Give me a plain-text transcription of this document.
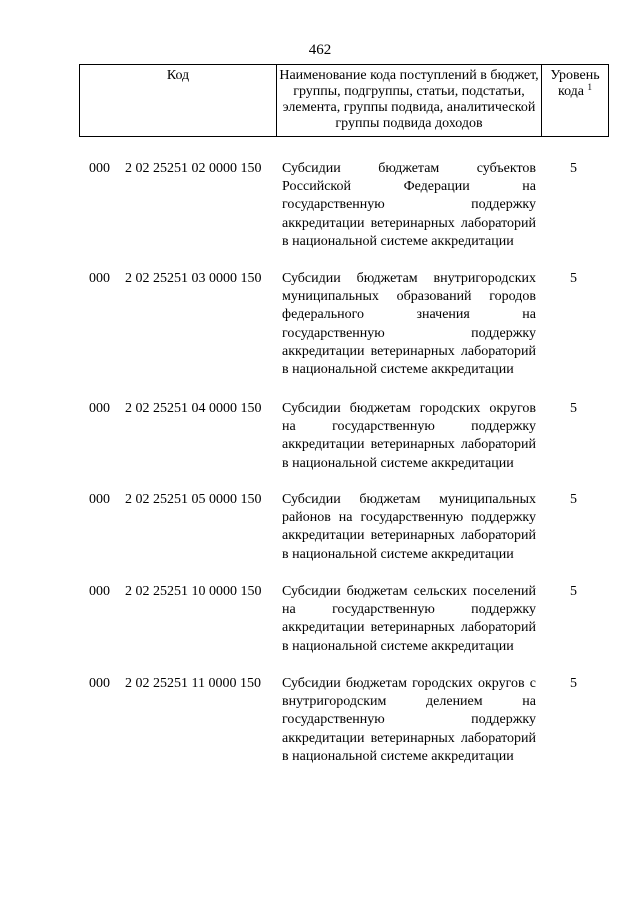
462
Код	Наименование кода поступлений в бюджет, группы, подгруппы, статьи, подстатьи, элемента, группы подвида, аналитической группы подвида доходов
Уровень кода $^1$
000 2 02 25251 02 0000 150 Субсидии бюджетам субъектов Российской Федерации на государственную поддержку аккредитации ветеринарных лабораторий в национальной системе аккредитации
5
000 2 02 25251 03 0000 150 Субсидии бюджетам внутригородских муниципальных образований городов федерального значения на государственную поддержку аккредитации ветеринарных лабораторий в национальной системе аккредитации
5
000 2 02 25251 04 0000 150 Субсидии бюджетам городских округов на государственную поддержку аккредитации ветеринарных лабораторий в национальной системе аккредитации
5
000 2 02 25251 05 0000 150 Субсидии бюджетам муниципальных районов на государственную поддержку аккредитации ветеринарных лабораторий в национальной системе аккредитации
5
000 2 02 25251 10 0000 150 Субсидии бюджетам сельских поселений на государственную поддержку аккредитации ветеринарных лабораторий в национальной системе аккредитации
5
000 2 02 25251 11 0000 150 Субсидии бюджетам городских округов с внутригородским делением на государственную поддержку аккредитации ветеринарных лабораторий в национальной системе аккредитации
5
